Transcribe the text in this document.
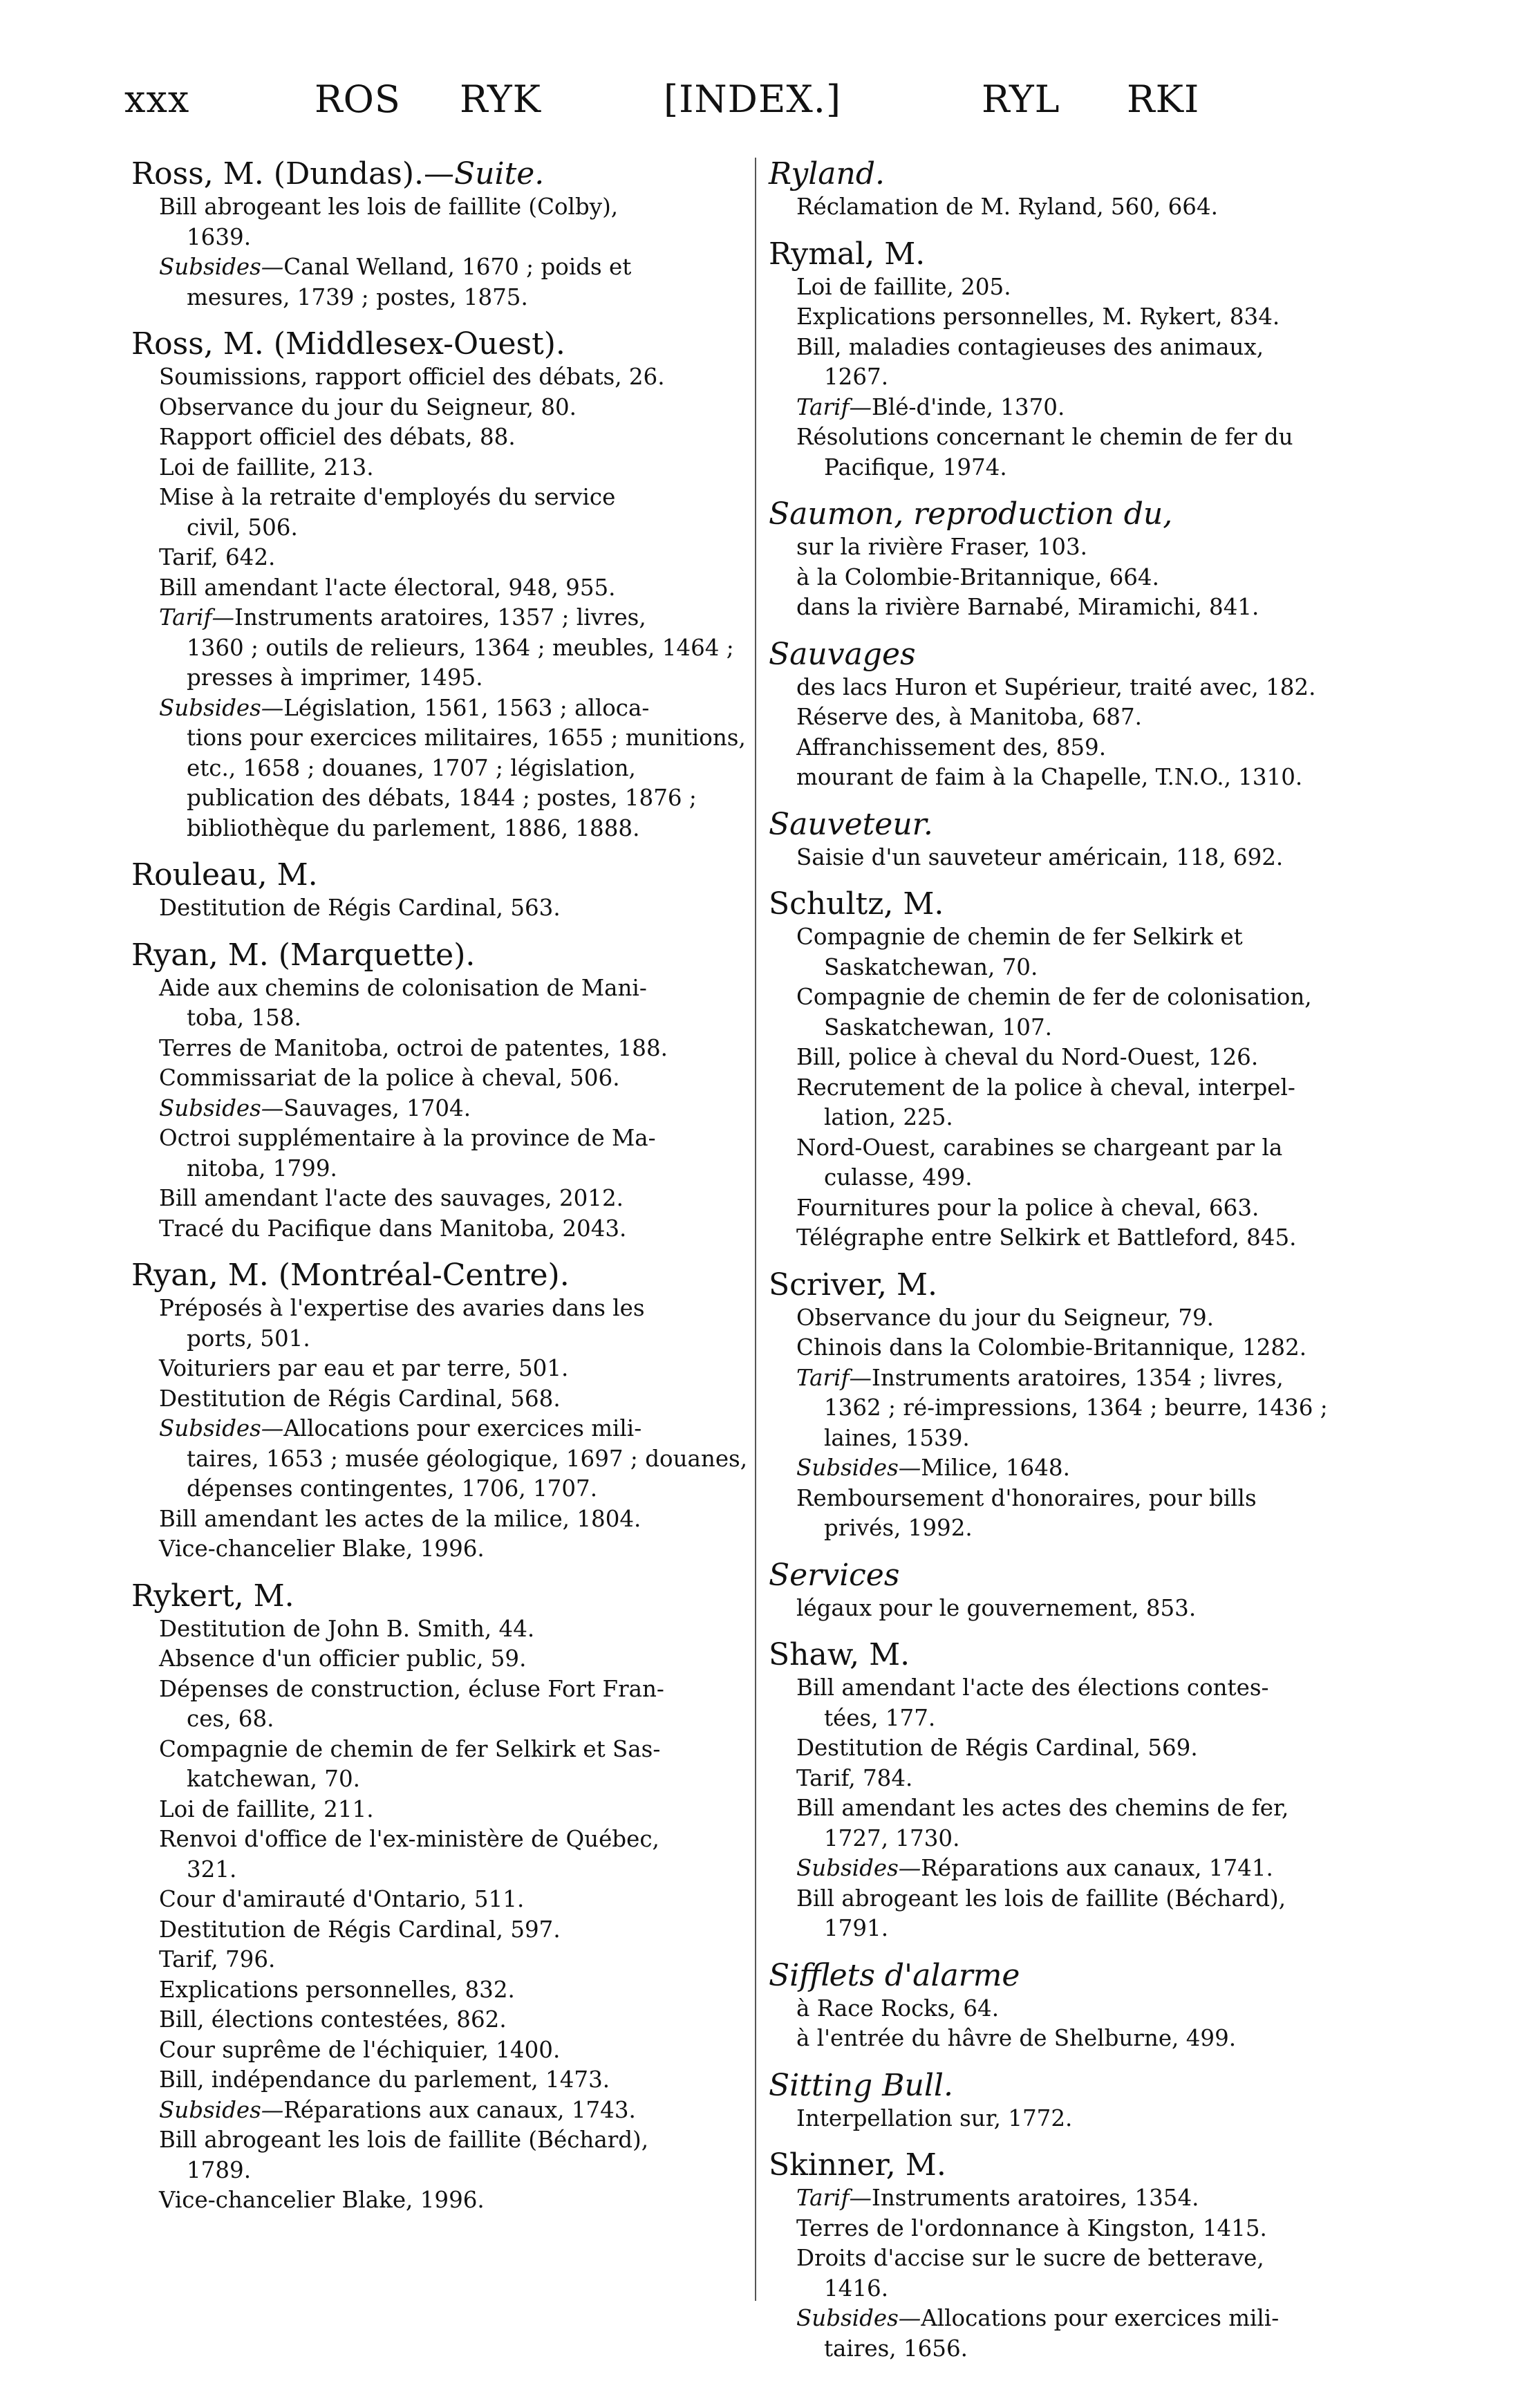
xxx	ROS RYK	[INDEX.]	RYL RKI
Ross, M. (Dundas).—Suite.
Bill abrogeant les lois de faillite (Colby),
1639.
Subsides—Canal Welland, 1670 ; poids et
mesures, 1739 ; postes, 1875.
Ross, M. (Middlesex-Ouest).
Soumissions, rapport officiel des débats, 26.
Observance du jour du Seigneur, 80.
Rapport officiel des débats, 88.
Loi de faillite, 213.
Mise à la retraite d'employés du service
civil, 506.
Tarif, 642.
Bill amendant l'acte électoral, 948, 955.
Tarif—Instruments aratoires, 1357 ; livres,
1360 ; outils de relieurs, 1364 ; meubles, 1464 ; presses à imprimer, 1495.
Subsides—Législation, 1561, 1563 ; alloca-
tions pour exercices militaires, 1655 ; munitions, etc., 1658 ; douanes, 1707 ; législation, publication des débats, 1844 ; postes, 1876 ; bibliothèque du parlement, 1886, 1888.
Rouleau, M.
Destitution de Régis Cardinal, 563.
Ryan, M. (Marquette).
Aide aux chemins de colonisation de Mani-
toba, 158.
Terres de Manitoba, octroi de patentes, 188.
Commissariat de la police à cheval, 506.
Subsides—Sauvages, 1704.
Octroi supplémentaire à la province de Ma-
nitoba, 1799.
Bill amendant l'acte des sauvages, 2012.
Tracé du Pacifique dans Manitoba, 2043.
Ryan, M. (Montréal-Centre).
Préposés à l'expertise des avaries dans les
ports, 501.
Voituriers par eau et par terre, 501.
Destitution de Régis Cardinal, 568.
Subsides—Allocations pour exercices mili-
taires, 1653 ; musée géologique, 1697 ; douanes, dépenses contingentes, 1706, 1707.
Bill amendant les actes de la milice, 1804.
Vice-chancelier Blake, 1996.
Rykert, M.
Destitution de John B. Smith, 44.
Absence d'un officier public, 59.
Dépenses de construction, écluse Fort Fran-
ces, 68.
Compagnie de chemin de fer Selkirk et Sas-
katchewan, 70.
Loi de faillite, 211.
Renvoi d'office de l'ex-ministère de Québec,
321.
Cour d'amirauté d'Ontario, 511.
Destitution de Régis Cardinal, 597.
Tarif, 796.
Explications personnelles, 832.
Bill, élections contestées, 862.
Cour suprême de l'échiquier, 1400.
Bill, indépendance du parlement, 1473.
Subsides—Réparations aux canaux, 1743.
Bill abrogeant les lois de faillite (Béchard),
1789.
Vice-chancelier Blake, 1996.
Ryland.
Réclamation de M. Ryland, 560, 664.
Rymal, M.
Loi de faillite, 205.
Explications personnelles, M. Rykert, 834.
Bill, maladies contagieuses des animaux,
1267.
Tarif—Blé-d'inde, 1370.
Résolutions concernant le chemin de fer du
Pacifique, 1974.
Saumon, reproduction du,
sur la rivière Fraser, 103.
à la Colombie-Britannique, 664.
dans la rivière Barnabé, Miramichi, 841.
Sauvages
des lacs Huron et Supérieur, traité avec, 182.
Réserve des, à Manitoba, 687.
Affranchissement des, 859.
mourant de faim à la Chapelle, T.N.O., 1310.
Sauveteur.
Saisie d'un sauveteur américain, 118, 692.
Schultz, M.
Compagnie de chemin de fer Selkirk et
Saskatchewan, 70.
Compagnie de chemin de fer de colonisation,
Saskatchewan, 107.
Bill, police à cheval du Nord-Ouest, 126.
Recrutement de la police à cheval, interpel-
lation, 225.
Nord-Ouest, carabines se chargeant par la
culasse, 499.
Fournitures pour la police à cheval, 663.
Télégraphe entre Selkirk et Battleford, 845.
Scriver, M.
Observance du jour du Seigneur, 79.
Chinois dans la Colombie-Britannique, 1282.
Tarif—Instruments aratoires, 1354 ; livres,
1362 ; ré-impressions, 1364 ; beurre, 1436 ; laines, 1539.
Subsides—Milice, 1648.
Remboursement d'honoraires, pour bills
privés, 1992.
Services
légaux pour le gouvernement, 853.
Shaw, M.
Bill amendant l'acte des élections contes-
tées, 177.
Destitution de Régis Cardinal, 569.
Tarif, 784.
Bill amendant les actes des chemins de fer,
1727, 1730.
Subsides—Réparations aux canaux, 1741.
Bill abrogeant les lois de faillite (Béchard),
1791.
Sifflets d'alarme
à Race Rocks, 64.
à l'entrée du hâvre de Shelburne, 499.
Sitting Bull.
Interpellation sur, 1772.
Skinner, M.
Tarif—Instruments aratoires, 1354.
Terres de l'ordonnance à Kingston, 1415.
Droits d'accise sur le sucre de betterave,
1416.
Subsides—Allocations pour exercices mili-
taires, 1656.
